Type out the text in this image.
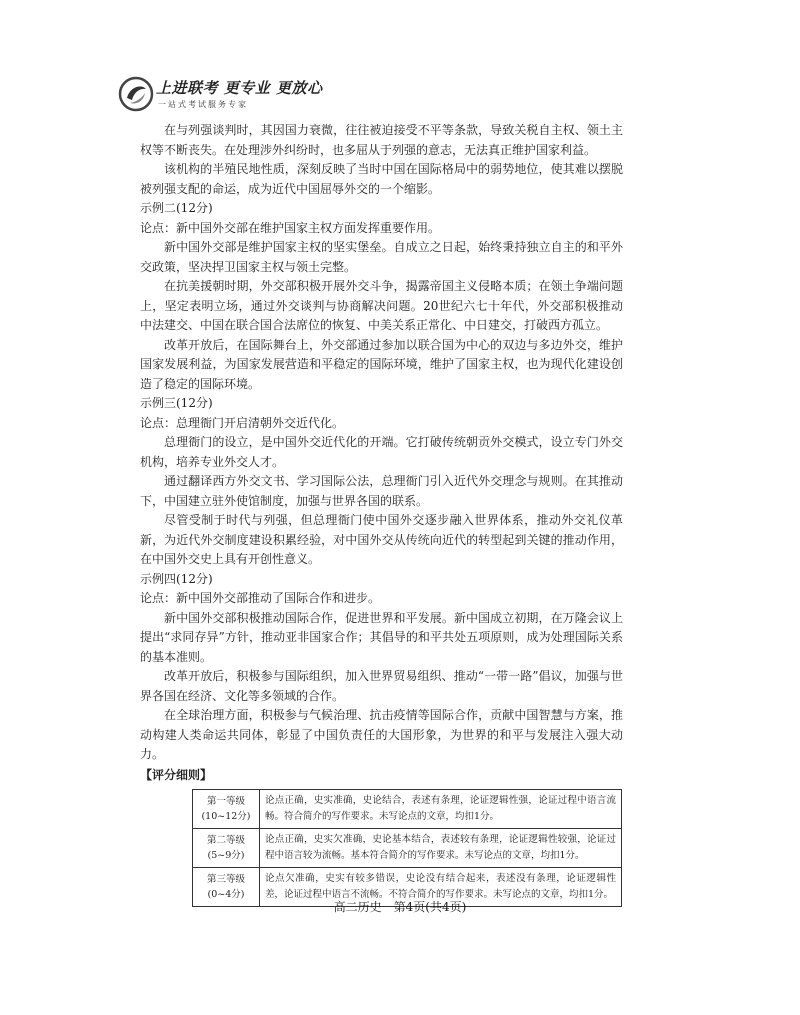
上进联考 更专业 更放心
一站式考试服务专家

在与列强谈判时，其因国力衰微，往往被迫接受不平等条款，导致关税自主权、领土主权等不断丧失。在处理涉外纠纷时，也多屈从于列强的意志，无法真正维护国家利益。

该机构的半殖民地性质，深刻反映了当时中国在国际格局中的弱势地位，使其难以摆脱被列强支配的命运，成为近代中国屈辱外交的一个缩影。

示例二(12分)

论点：新中国外交部在维护国家主权方面发挥重要作用。

新中国外交部是维护国家主权的坚实堡垒。自成立之日起，始终秉持独立自主的和平外交政策，坚决捍卫国家主权与领土完整。

在抗美援朝时期，外交部积极开展外交斗争，揭露帝国主义侵略本质；在领土争端问题上，坚定表明立场，通过外交谈判与协商解决问题。20世纪六七十年代，外交部积极推动中法建交、中国在联合国合法席位的恢复、中美关系正常化、中日建交，打破西方孤立。

改革开放后，在国际舞台上，外交部通过参加以联合国为中心的双边与多边外交，维护国家发展利益，为国家发展营造和平稳定的国际环境，维护了国家主权，也为现代化建设创造了稳定的国际环境。

示例三(12分)

论点：总理衙门开启清朝外交近代化。

总理衙门的设立，是中国外交近代化的开端。它打破传统朝贡外交模式，设立专门外交机构，培养专业外交人才。

通过翻译西方外交文书、学习国际公法，总理衙门引入近代外交理念与规则。在其推动下，中国建立驻外使馆制度，加强与世界各国的联系。

尽管受制于时代与列强，但总理衙门使中国外交逐步融入世界体系，推动外交礼仪革新，为近代外交制度建设积累经验，对中国外交从传统向近代的转型起到关键的推动作用，在中国外交史上具有开创性意义。

示例四(12分)

论点：新中国外交部推动了国际合作和进步。

新中国外交部积极推动国际合作，促进世界和平发展。新中国成立初期，在万隆会议上提出“求同存异”方针，推动亚非国家合作；其倡导的和平共处五项原则，成为处理国际关系的基本准则。

改革开放后，积极参与国际组织，加入世界贸易组织、推动“一带一路”倡议，加强与世界各国在经济、文化等多领域的合作。

在全球治理方面，积极参与气候治理、抗击疫情等国际合作，贡献中国智慧与方案，推动构建人类命运共同体，彰显了中国负责任的大国形象，为世界的和平与发展注入强大动力。

【评分细则】

第一等级
(10~12分)	论点正确，史实准确，史论结合，表述有条理，论证逻辑性强，论证过程中语言流畅。符合简介的写作要求。未写论点的文章，均扣1分。
第二等级
(5~9分)	论点正确，史实欠准确，史论基本结合，表述较有条理，论证逻辑性较强，论证过程中语言较为流畅。基本符合简介的写作要求。未写论点的文章，均扣1分。
第三等级
(0~4分)	论点欠准确，史实有较多错误，史论没有结合起来，表述没有条理，论证逻辑性差，论证过程中语言不流畅。不符合简介的写作要求。未写论点的文章，均扣1分。
高二历史　第4页(共4页)
